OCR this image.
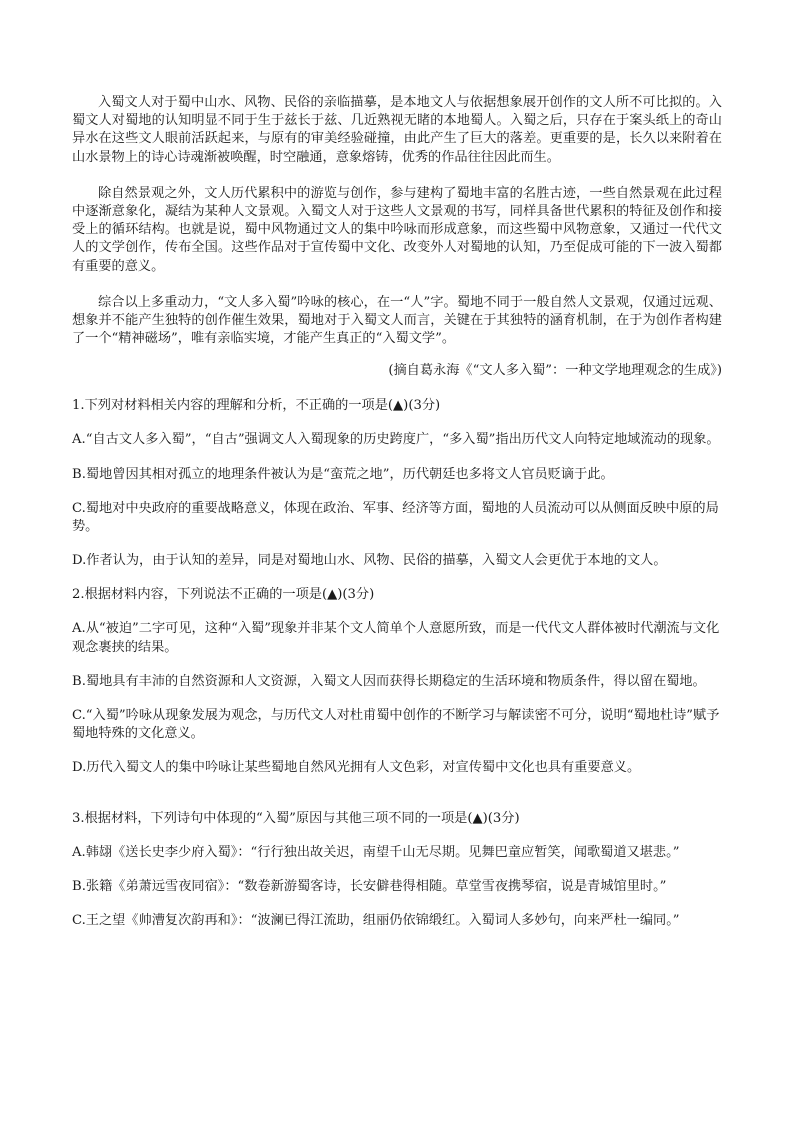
入蜀文人对于蜀中山水、风物、民俗的亲临描摹，是本地文人与依据想象展开创作的文人所不可比拟的。入蜀文人对蜀地的认知明显不同于生于兹长于兹、几近熟视无睹的本地蜀人。入蜀之后，只存在于案头纸上的奇山异水在这些文人眼前活跃起来，与原有的审美经验碰撞，由此产生了巨大的落差。更重要的是，长久以来附着在山水景物上的诗心诗魂渐被唤醒，时空融通，意象熔铸，优秀的作品往往因此而生。

除自然景观之外，文人历代累积中的游览与创作，参与建构了蜀地丰富的名胜古迹，一些自然景观在此过程中逐渐意象化，凝结为某种人文景观。入蜀文人对于这些人文景观的书写，同样具备世代累积的特征及创作和接受上的循环结构。也就是说，蜀中风物通过文人的集中吟咏而形成意象，而这些蜀中风物意象，又通过一代代文人的文学创作，传布全国。这些作品对于宣传蜀中文化、改变外人对蜀地的认知，乃至促成可能的下一波入蜀都有重要的意义。

综合以上多重动力，“文人多入蜀”吟咏的核心，在一“人”字。蜀地不同于一般自然人文景观，仅通过远观、想象并不能产生独特的创作催生效果，蜀地对于入蜀文人而言，关键在于其独特的涵育机制，在于为创作者构建了一个“精神磁场”，唯有亲临实境，才能产生真正的“入蜀文学”。

(摘自葛永海《“文人多入蜀”：一种文学地理观念的生成》)
1.下列对材料相关内容的理解和分析，不正确的一项是(▲)(3分)
A.“自古文人多入蜀”，“自古”强调文人入蜀现象的历史跨度广，“多入蜀”指出历代文人向特定地域流动的现象。
B.蜀地曾因其相对孤立的地理条件被认为是“蛮荒之地”，历代朝廷也多将文人官员贬谪于此。
C.蜀地对中央政府的重要战略意义，体现在政治、军事、经济等方面，蜀地的人员流动可以从侧面反映中原的局势。
D.作者认为，由于认知的差异，同是对蜀地山水、风物、民俗的描摹，入蜀文人会更优于本地的文人。
2.根据材料内容，下列说法不正确的一项是(▲)(3分)
A.从“被迫”二字可见，这种“入蜀”现象并非某个文人简单个人意愿所致，而是一代代文人群体被时代潮流与文化观念裹挟的结果。
B.蜀地具有丰沛的自然资源和人文资源，入蜀文人因而获得长期稳定的生活环境和物质条件，得以留在蜀地。
C.“入蜀”吟咏从现象发展为观念，与历代文人对杜甫蜀中创作的不断学习与解读密不可分，说明“蜀地杜诗”赋予蜀地特殊的文化意义。
D.历代入蜀文人的集中吟咏让某些蜀地自然风光拥有人文色彩，对宣传蜀中文化也具有重要意义。
3.根据材料，下列诗句中体现的“入蜀”原因与其他三项不同的一项是(▲)(3分)
A.韩翃《送长史李少府入蜀》：“行行独出故关迟，南望千山无尽期。见舞巴童应暂笑，闻歌蜀道又堪悲。”
B.张籍《弟萧远雪夜同宿》：“数卷新游蜀客诗，长安僻巷得相随。草堂雪夜携琴宿，说是青城馆里时。”
C.王之望《帅漕复次韵再和》：“波澜已得江流助，组丽仍依锦缎红。入蜀词人多妙句，向来严杜一编同。”
